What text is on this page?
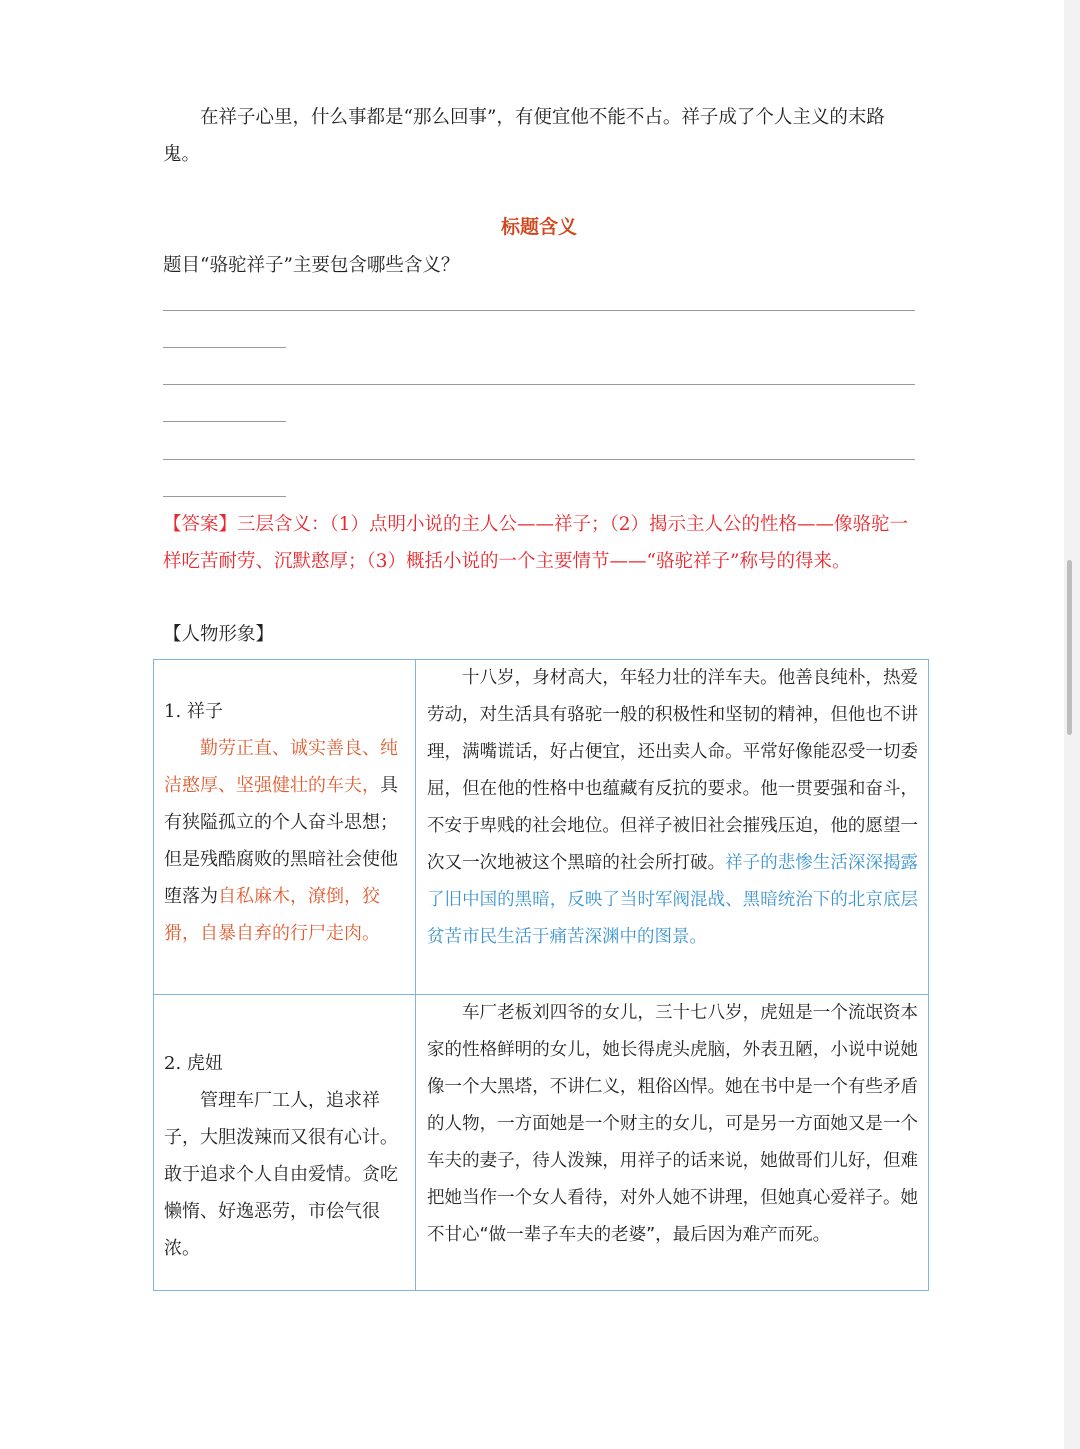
在祥子心里，什么事都是“那么回事”，有便宜他不能不占。祥子成了个人主义的末路鬼。

标题含义

题目“骆驼祥子”主要包含哪些含义？

【答案】三层含义：（1）点明小说的主人公——祥子；（2）揭示主人公的性格——像骆驼一样吃苦耐劳、沉默憨厚；（3）概括小说的一个主要情节——“骆驼祥子”称号的得来。

【人物形象】

1. 祥子

勤劳正直、诚实善良、纯洁憨厚、坚强健壮的车夫，具有狭隘孤立的个人奋斗思想；但是残酷腐败的黑暗社会使他堕落为自私麻木，潦倒，狡猾，自暴自弃的行尸走肉。	十八岁，身材高大，年轻力壮的洋车夫。他善良纯朴，热爱劳动，对生活具有骆驼一般的积极性和坚韧的精神，但他也不讲理，满嘴谎话，好占便宜，还出卖人命。平常好像能忍受一切委屈，但在他的性格中也蕴藏有反抗的要求。他一贯要强和奋斗，不安于卑贱的社会地位。但祥子被旧社会摧残压迫，他的愿望一次又一次地被这个黑暗的社会所打破。祥子的悲惨生活深深揭露了旧中国的黑暗，反映了当时军阀混战、黑暗统治下的北京底层贫苦市民生活于痛苦深渊中的图景。

2. 虎妞

管理车厂工人，追求祥子，大胆泼辣而又很有心计。敢于追求个人自由爱情。贪吃懒惰、好逸恶劳，市侩气很浓。	车厂老板刘四爷的女儿，三十七八岁，虎妞是一个流氓资本家的性格鲜明的女儿，她长得虎头虎脑，外表丑陋，小说中说她像一个大黑塔，不讲仁义，粗俗凶悍。她在书中是一个有些矛盾的人物，一方面她是一个财主的女儿，可是另一方面她又是一个车夫的妻子，待人泼辣，用祥子的话来说，她做哥们儿好，但难把她当作一个女人看待，对外人她不讲理，但她真心爱祥子。她不甘心“做一辈子车夫的老婆”，最后因为难产而死。
